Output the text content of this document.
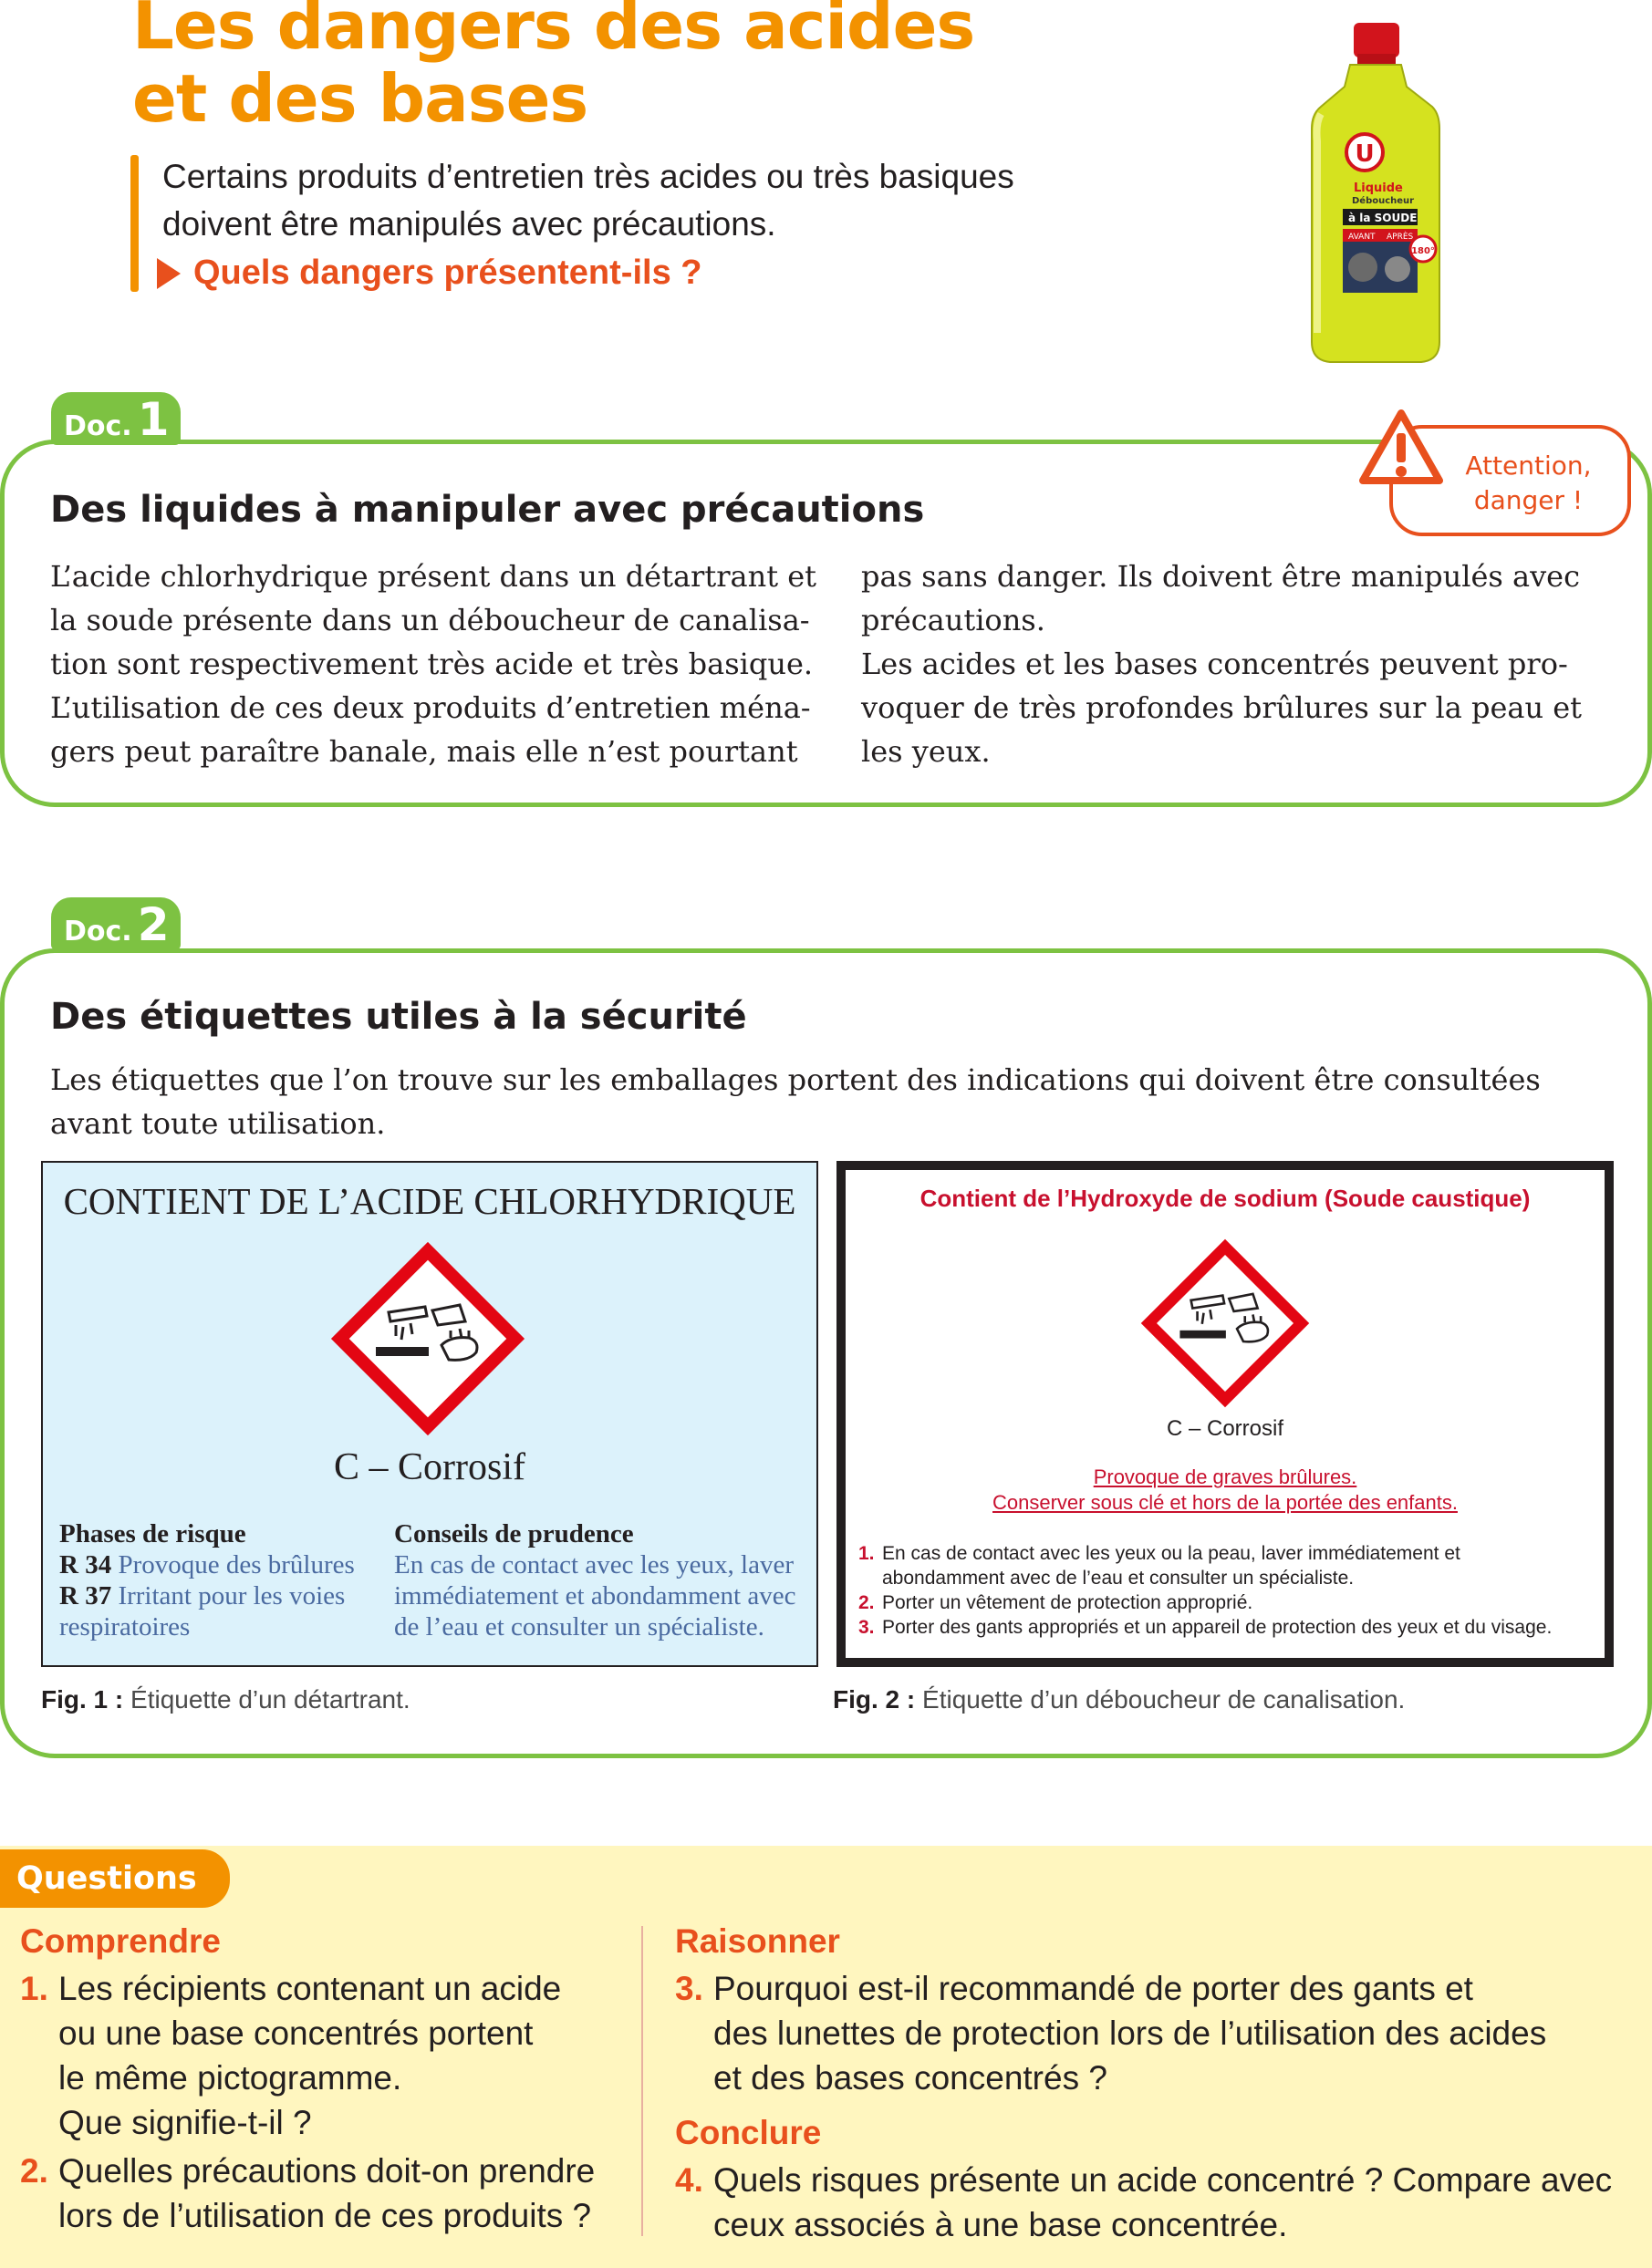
Les dangers des acides
et des bases
Certains produits d’entretien très acides ou très basiques
doivent être manipulés avec précautions.
Quels dangers présentent-ils ?
U
Liquide
Déboucheur
à la SOUDE
AVANT APRÈS
180°
Doc. 1
Attention,
danger !
Des liquides à manipuler avec précautions
L’acide chlorhydrique présent dans un détartrant et
la soude présente dans un déboucheur de canalisa-
tion sont respectivement très acide et très basique.
L’utilisation de ces deux produits d’entretien ména-
gers peut paraître banale, mais elle n’est pourtant
pas sans danger. Ils doivent être manipulés avec
précautions.
Les acides et les bases concentrés peuvent pro-
voquer de très profondes brûlures sur la peau et
les yeux.
Doc. 2
Des étiquettes utiles à la sécurité
Les étiquettes que l’on trouve sur les emballages portent des indications qui doivent être consultées
avant toute utilisation.
CONTIENT DE L’ACIDE CHLORHYDRIQUE
C – Corrosif
Phases de risque
R 34 Provoque des brûlures
R 37 Irritant pour les voies
respiratoires
Conseils de prudence
En cas de contact avec les yeux, laver
immédiatement et abondamment avec
de l’eau et consulter un spécialiste.
Contient de l’Hydroxyde de sodium (Soude caustique)
C – Corrosif
Provoque de graves brûlures.
Conserver sous clé et hors de la portée des enfants.
1. En cas de contact avec les yeux ou la peau, laver immédiatement et
abondamment avec de l’eau et consulter un spécialiste.
2. Porter un vêtement de protection approprié.
3. Porter des gants appropriés et un appareil de protection des yeux et du visage.
Fig. 1 : Étiquette d’un détartrant.	Fig. 2 : Étiquette d’un déboucheur de canalisation.
Questions
Comprendre
1. Les récipients contenant un acide
ou une base concentrés portent
le même pictogramme.
Que signifie-t-il ?
2. Quelles précautions doit-on prendre
lors de l’utilisation de ces produits ?
Raisonner
3. Pourquoi est-il recommandé de porter des gants et
des lunettes de protection lors de l’utilisation des acides
et des bases concentrés ?
Conclure
4. Quels risques présente un acide concentré ? Compare avec
ceux associés à une base concentrée.
